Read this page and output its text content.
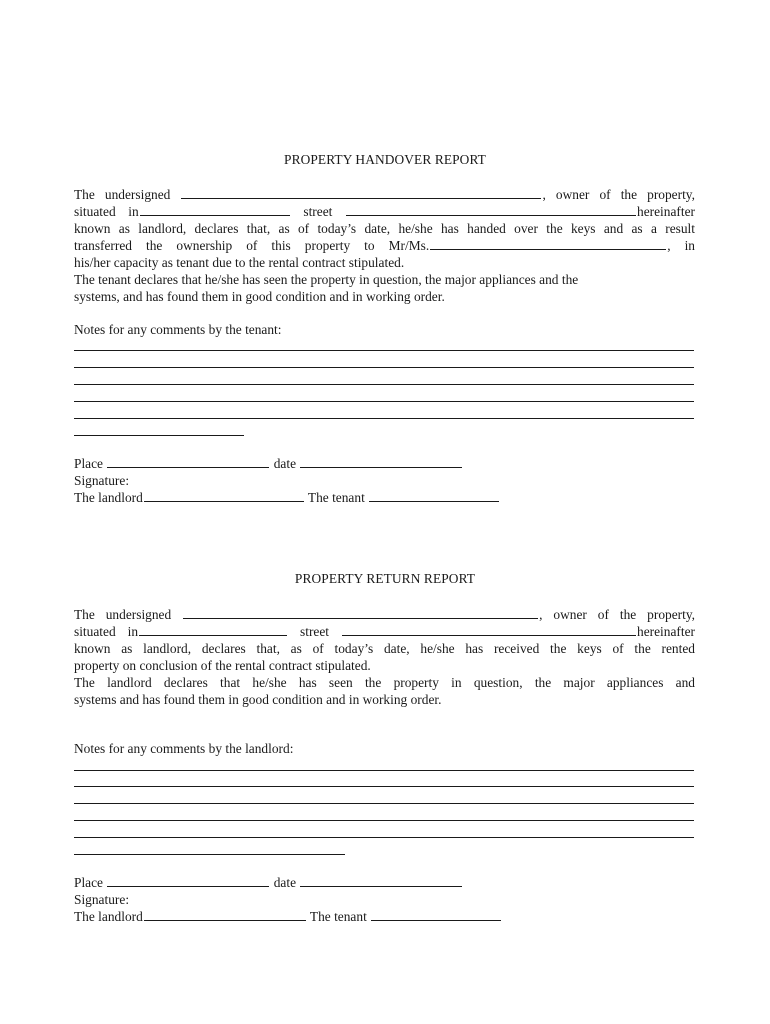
PROPERTY HANDOVER REPORT
The undersigned	, owner of the property,
situated in	street	hereinafter
known as landlord, declares that, as of today’s date, he/she has handed over the keys and as a result
transferred the ownership of this property to Mr/Ms.	, in
his/her capacity as tenant due to the rental contract stipulated.
The tenant declares that he/she has seen the property in question, the major appliances and the
systems, and has found them in good condition and in working order.
Notes for any comments by the tenant:
Place	date
Signature:
The landlord	The tenant
PROPERTY RETURN REPORT
The undersigned	, owner of the property,
situated in	street	hereinafter
known as landlord, declares that, as of today’s date, he/she has received the keys of the rented
property on conclusion of the rental contract stipulated.
The landlord declares that he/she has seen the property in question, the major appliances and
systems and has found them in good condition and in working order.
Notes for any comments by the landlord:
Place	date
Signature:
The landlord	The tenant
